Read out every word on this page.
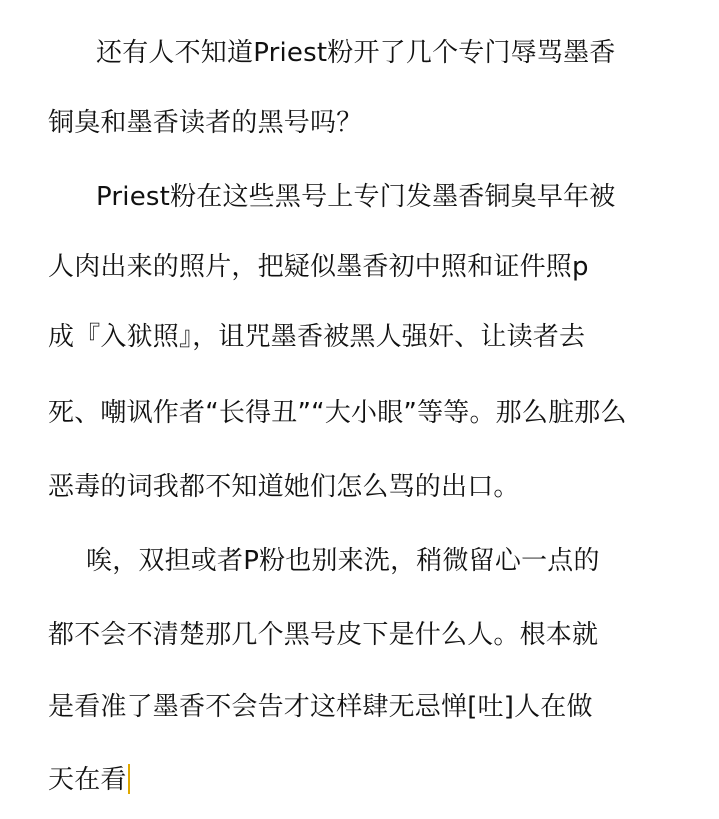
还有人不知道Priest粉开了几个专门辱骂墨香
铜臭和墨香读者的黑号吗？
Priest粉在这些黑号上专门发墨香铜臭早年被
人肉出来的照片，把疑似墨香初中照和证件照p
成『入狱照』，诅咒墨香被黑人强奸、让读者去
死、嘲讽作者“长得丑”“大小眼”等等。那么脏那么
恶毒的词我都不知道她们怎么骂的出口。
唉，双担或者P粉也别来洗，稍微留心一点的
都不会不清楚那几个黑号皮下是什么人。根本就
是看准了墨香不会告才这样肆无忌惮[吐]人在做
天在看
